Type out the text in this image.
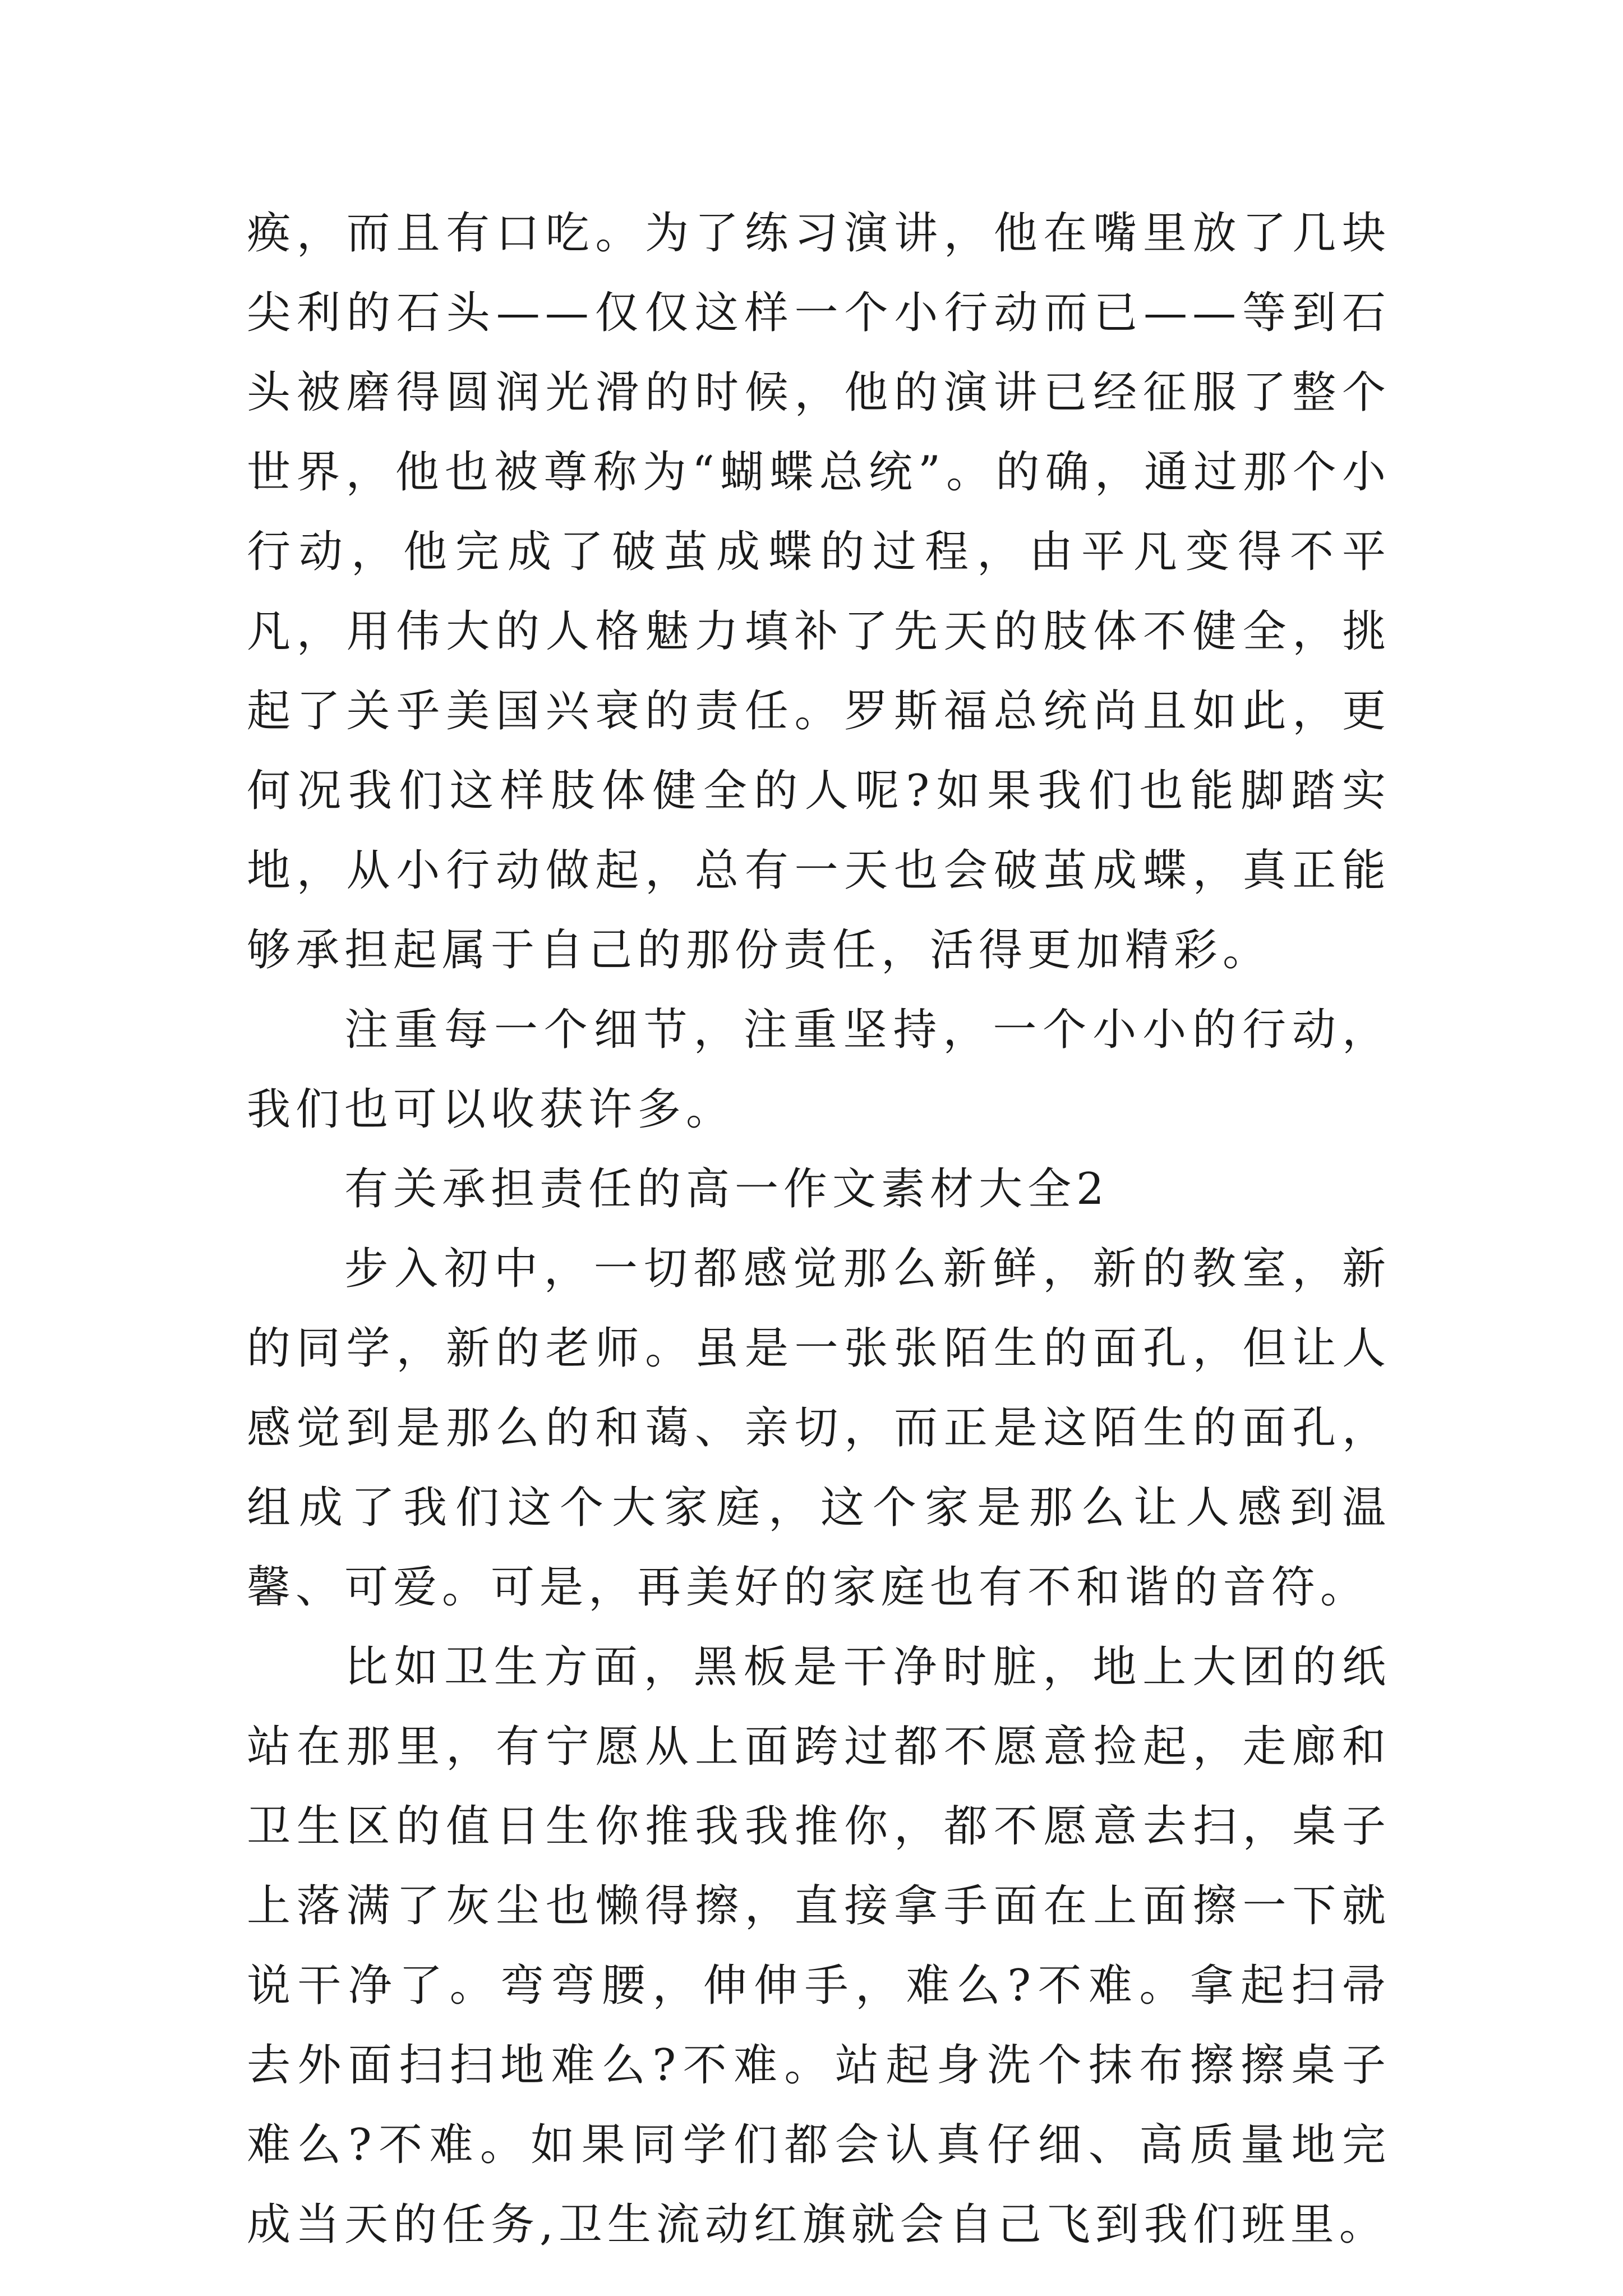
痪，而且有口吃。为了练习演讲，他在嘴里放了几块尖利的石头——仅仅这样一个小行动而已——等到石头被磨得圆润光滑的时候，他的演讲已经征服了整个世界，他也被尊称为“蝴蝶总统”。的确，通过那个小行动，他完成了破茧成蝶的过程，由平凡变得不平凡，用伟大的人格魅力填补了先天的肢体不健全，挑起了关乎美国兴衰的责任。罗斯福总统尚且如此，更何况我们这样肢体健全的人呢?如果我们也能脚踏实地，从小行动做起，总有一天也会破茧成蝶，真正能够承担起属于自己的那份责任，活得更加精彩。

注重每一个细节，注重坚持，一个小小的行动，我们也可以收获许多。

有关承担责任的高一作文素材大全2

步入初中，一切都感觉那么新鲜，新的教室，新的同学，新的老师。虽是一张张陌生的面孔，但让人感觉到是那么的和蔼、亲切，而正是这陌生的面孔，组成了我们这个大家庭，这个家是那么让人感到温馨、可爱。可是，再美好的家庭也有不和谐的音符。

比如卫生方面，黑板是干净时脏，地上大团的纸站在那里，有宁愿从上面跨过都不愿意捡起，走廊和卫生区的值日生你推我我推你，都不愿意去扫，桌子上落满了灰尘也懒得擦，直接拿手面在上面擦一下就说干净了。弯弯腰，伸伸手，难么?不难。拿起扫帚去外面扫扫地难么?不难。站起身洗个抹布擦擦桌子难么?不难。如果同学们都会认真仔细、高质量地完成当天的任务,卫生流动红旗就会自己飞到我们班里。
